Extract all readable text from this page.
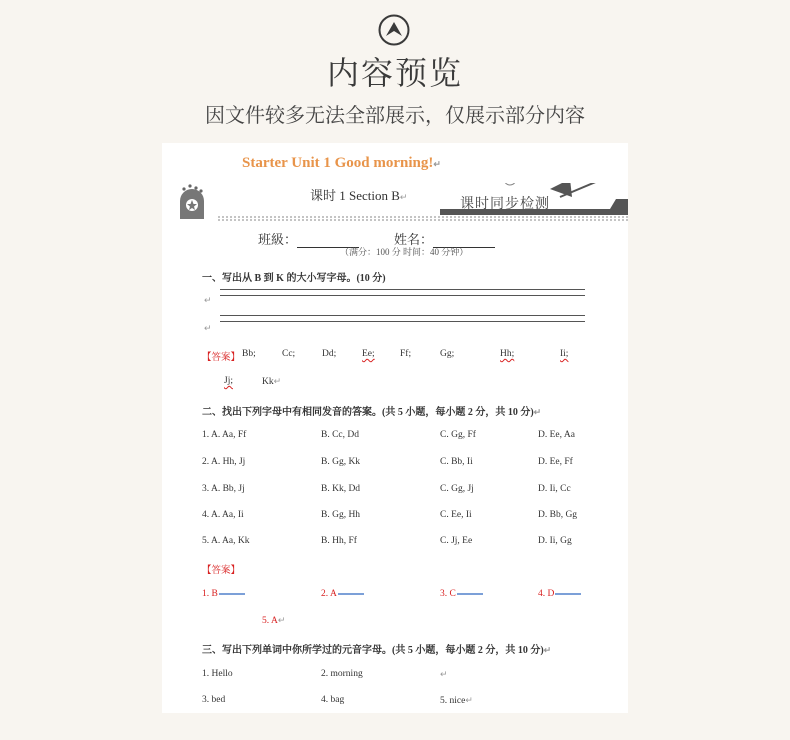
内容预览
因文件较多无法全部展示，仅展示部分内容
Starter Unit 1 Good morning!↵
课时 1 Section B↵	课时同步检测
班級：	姓名：
（满分：100 分 时间：40 分钟）
一、写出从 B 到 K 的大小写字母。(10 分)
↵
↵
【答案】 Bb;	Cc;	Dd;	Ee;	Ff;	Gg;	Hh;	Ii;
Jj;	Kk↵
二、找出下列字母中有相同发音的答案。(共 5 小题，每小题 2 分，共 10 分)↵
1. A. Aa, Ff	B. Cc, Dd	C. Gg, Ff	D. Ee, Aa
2. A. Hh, Jj	B. Gg, Kk	C. Bb, Ii	D. Ee, Ff
3. A. Bb, Jj	B. Kk, Dd	C. Gg, Jj	D. Ii, Cc
4. A. Aa, Ii	B. Gg, Hh	C. Ee, Ii	D. Bb, Gg
5. A. Aa, Kk	B. Hh, Ff	C. Jj, Ee	D. Ii, Gg
【答案】
1. B	2. A	3. C	4. D
5. A↵
三、写出下列单词中你所学过的元音字母。(共 5 小题，每小题 2 分，共 10 分)↵
1. Hello	2. morning	↵
3. bed	4. bag	5. nice↵
